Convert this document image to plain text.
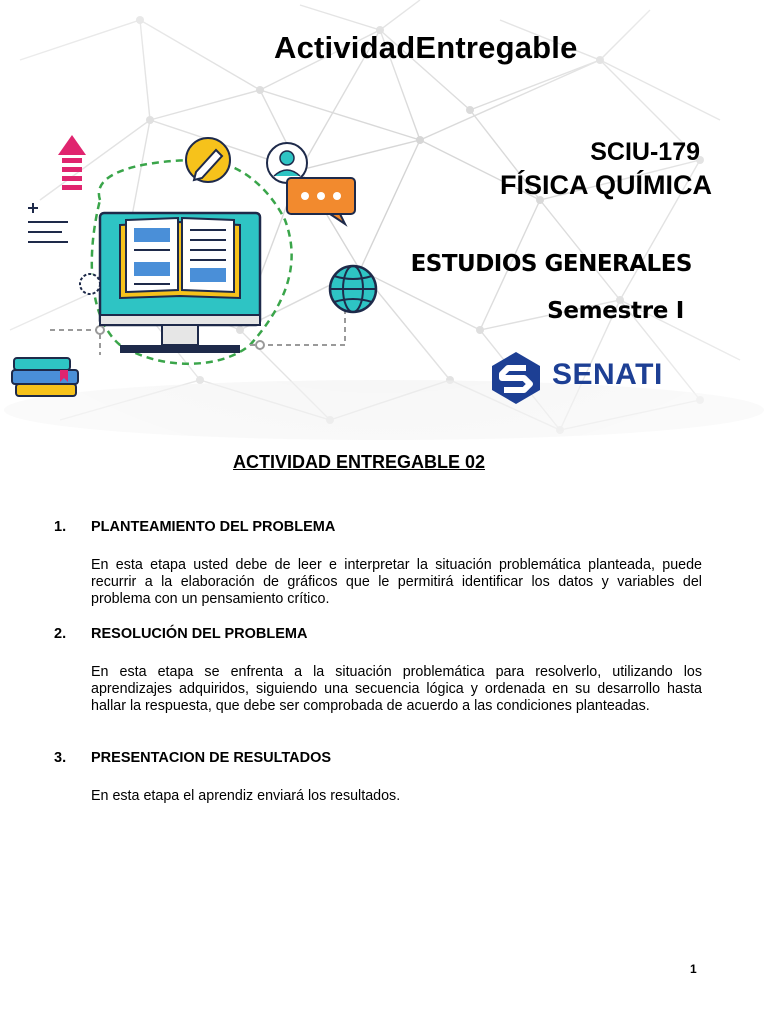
ActividadEntregable
SCIU-179
FÍSICA QUÍMICA
ESTUDIOS GENERALES
Semestre I
SENATI
ACTIVIDAD ENTREGABLE 02
1. PLANTEAMIENTO DEL PROBLEMA
En esta etapa usted debe de leer e interpretar la situación problemática planteada, puede recurrir a la elaboración de gráficos que le permitirá identificar los datos y variables del problema con un pensamiento crítico.
2. RESOLUCIÓN DEL PROBLEMA
En esta etapa se enfrenta a la situación problemática para resolverlo, utilizando los aprendizajes adquiridos, siguiendo una secuencia lógica y ordenada en su desarrollo hasta hallar la respuesta, que debe ser comprobada de acuerdo a las condiciones planteadas.
3. PRESENTACION DE RESULTADOS
En esta etapa el aprendiz enviará los resultados.
1
